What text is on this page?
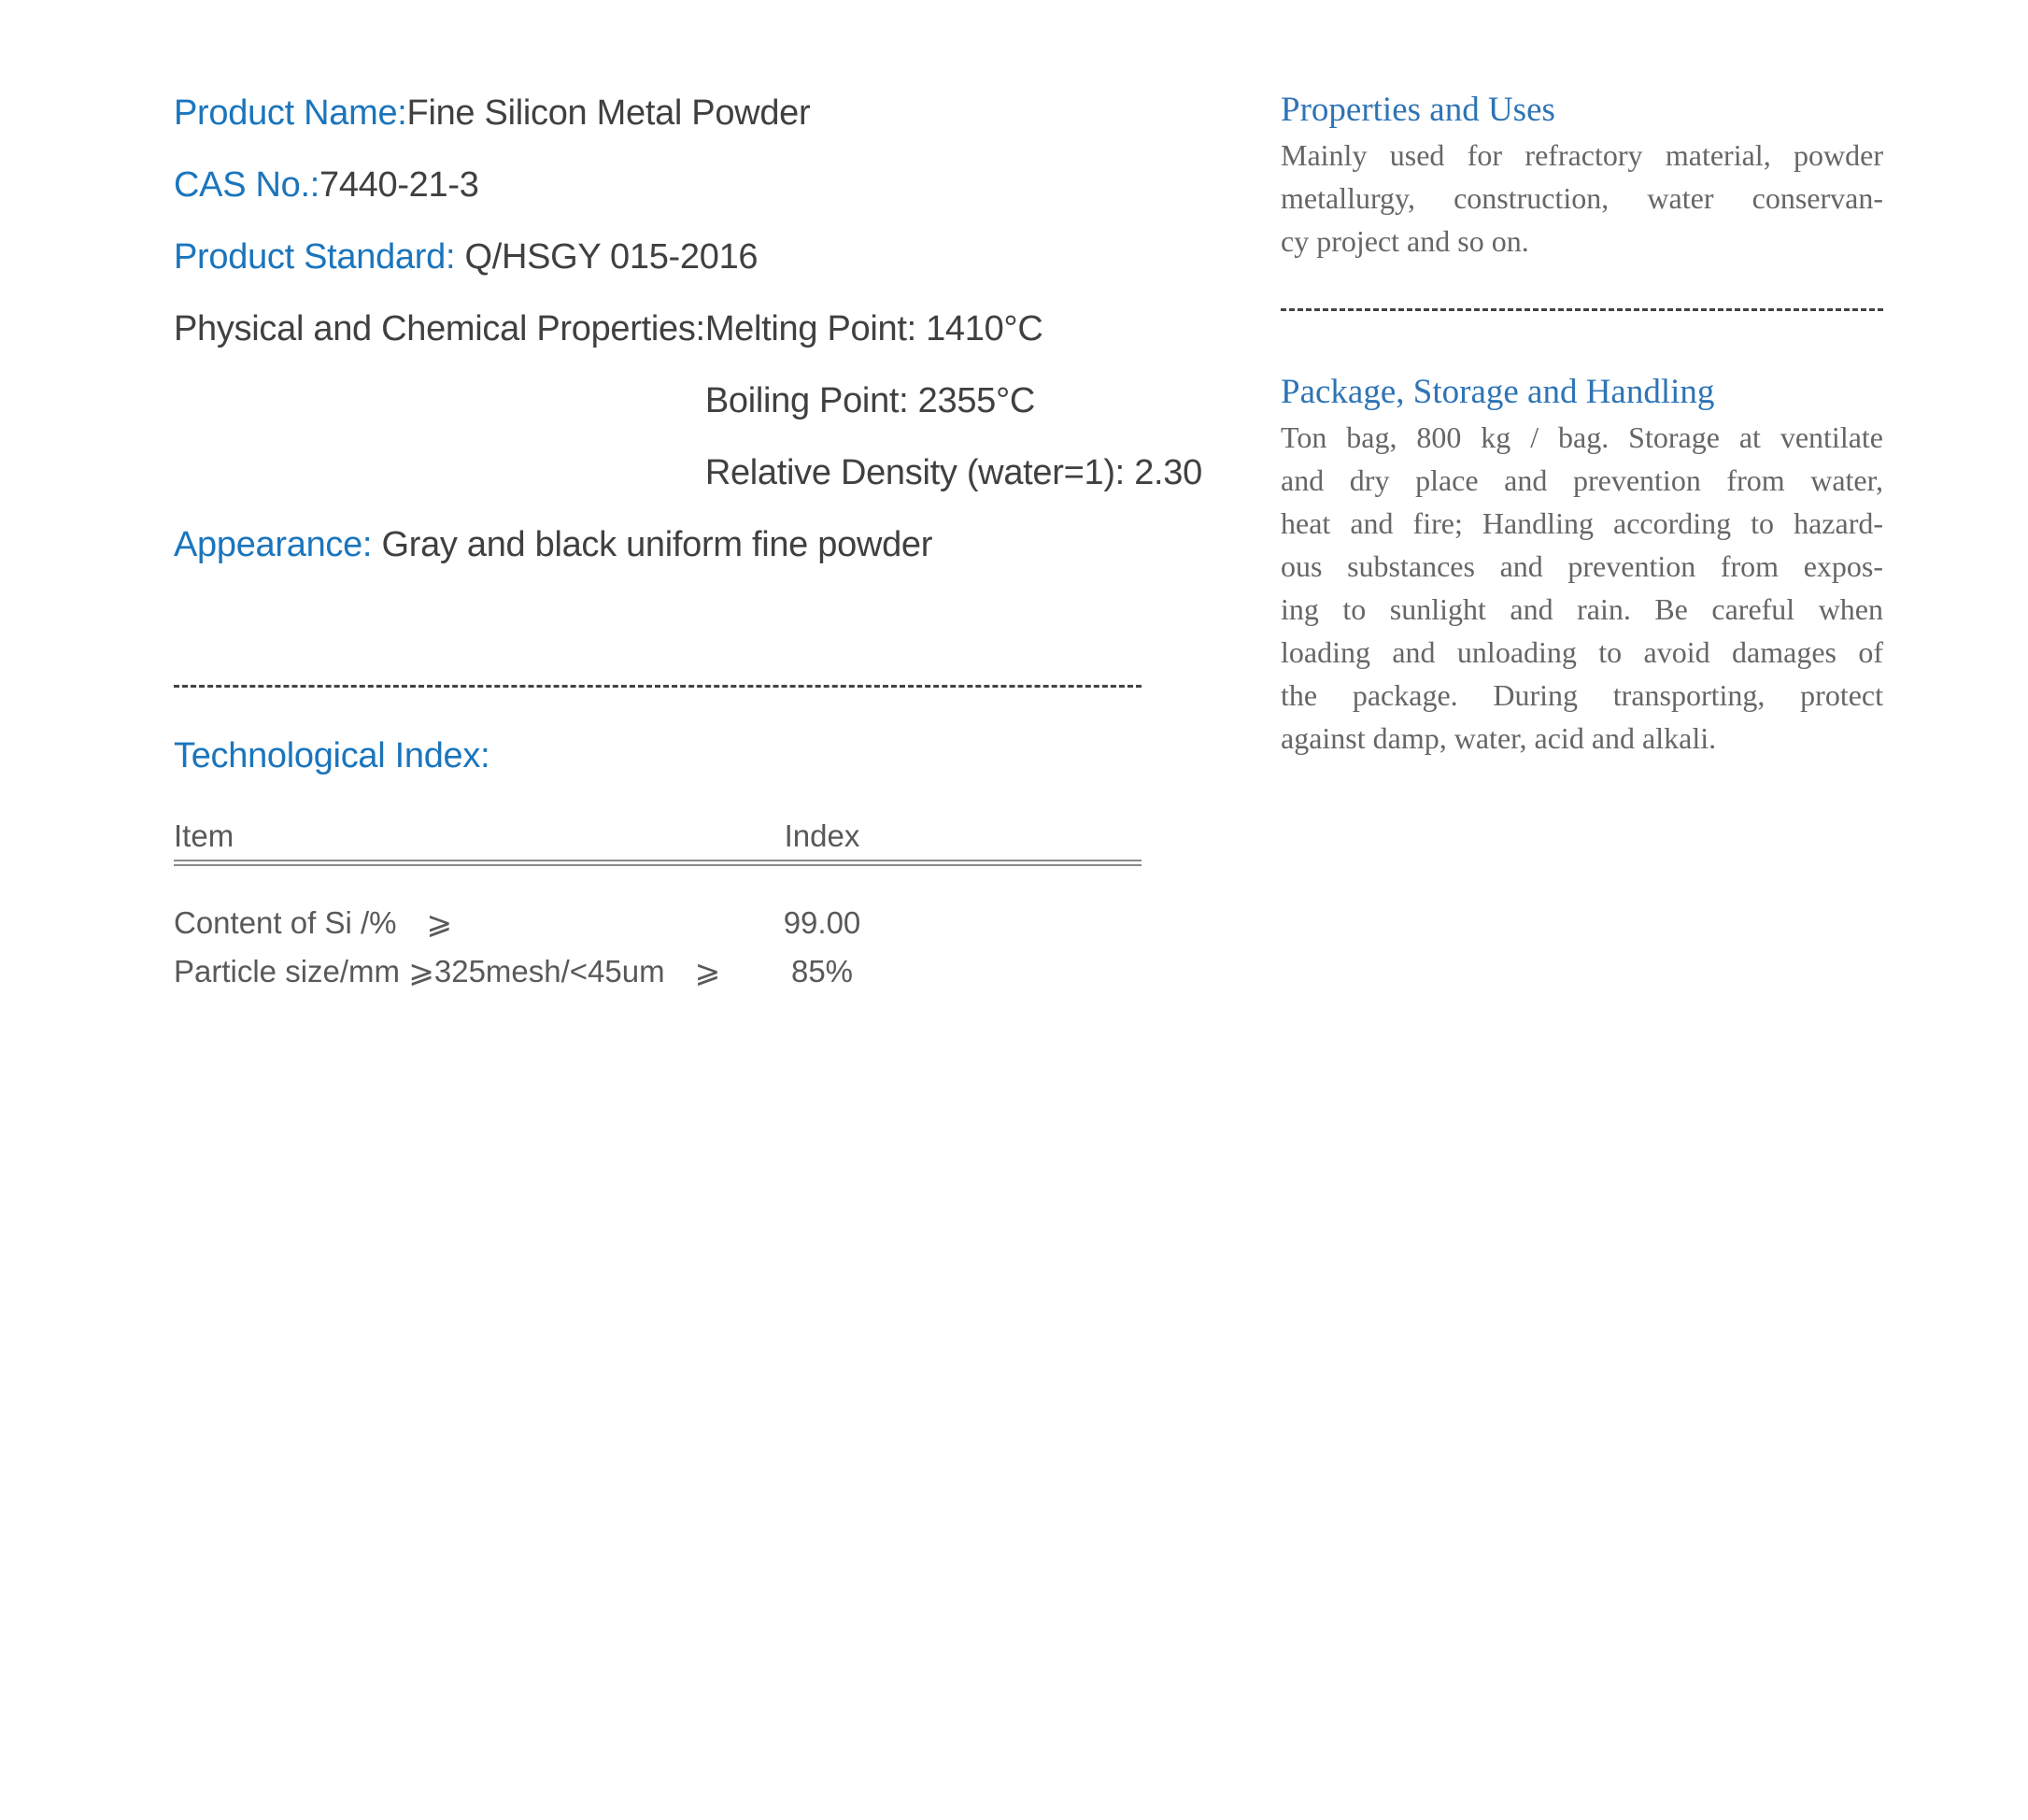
Product Name:Fine Silicon Metal Powder
CAS No.:7440-21-3
Product Standard: Q/HSGY 015-2016
Physical and Chemical Properties: Melting Point: 1410°C
Boiling Point: 2355°C
Relative Density (water=1): 2.30
Appearance: Gray and black uniform fine powder
Technological Index:
Item	Index
Content of Si /% ⩾	99.00
Particle size/mm ⩾325mesh/<45um ⩾	85%
Properties and Uses
Mainly used for refractory material, powder
metallurgy, construction, water conservan-
cy project and so on.
Package, Storage and Handling
Ton bag, 800 kg / bag. Storage at ventilate
and dry place and prevention from water,
heat and fire; Handling according to hazard-
ous substances and prevention from expos-
ing to sunlight and rain. Be careful when
loading and unloading to avoid damages of
the package. During transporting, protect
against damp, water, acid and alkali.
